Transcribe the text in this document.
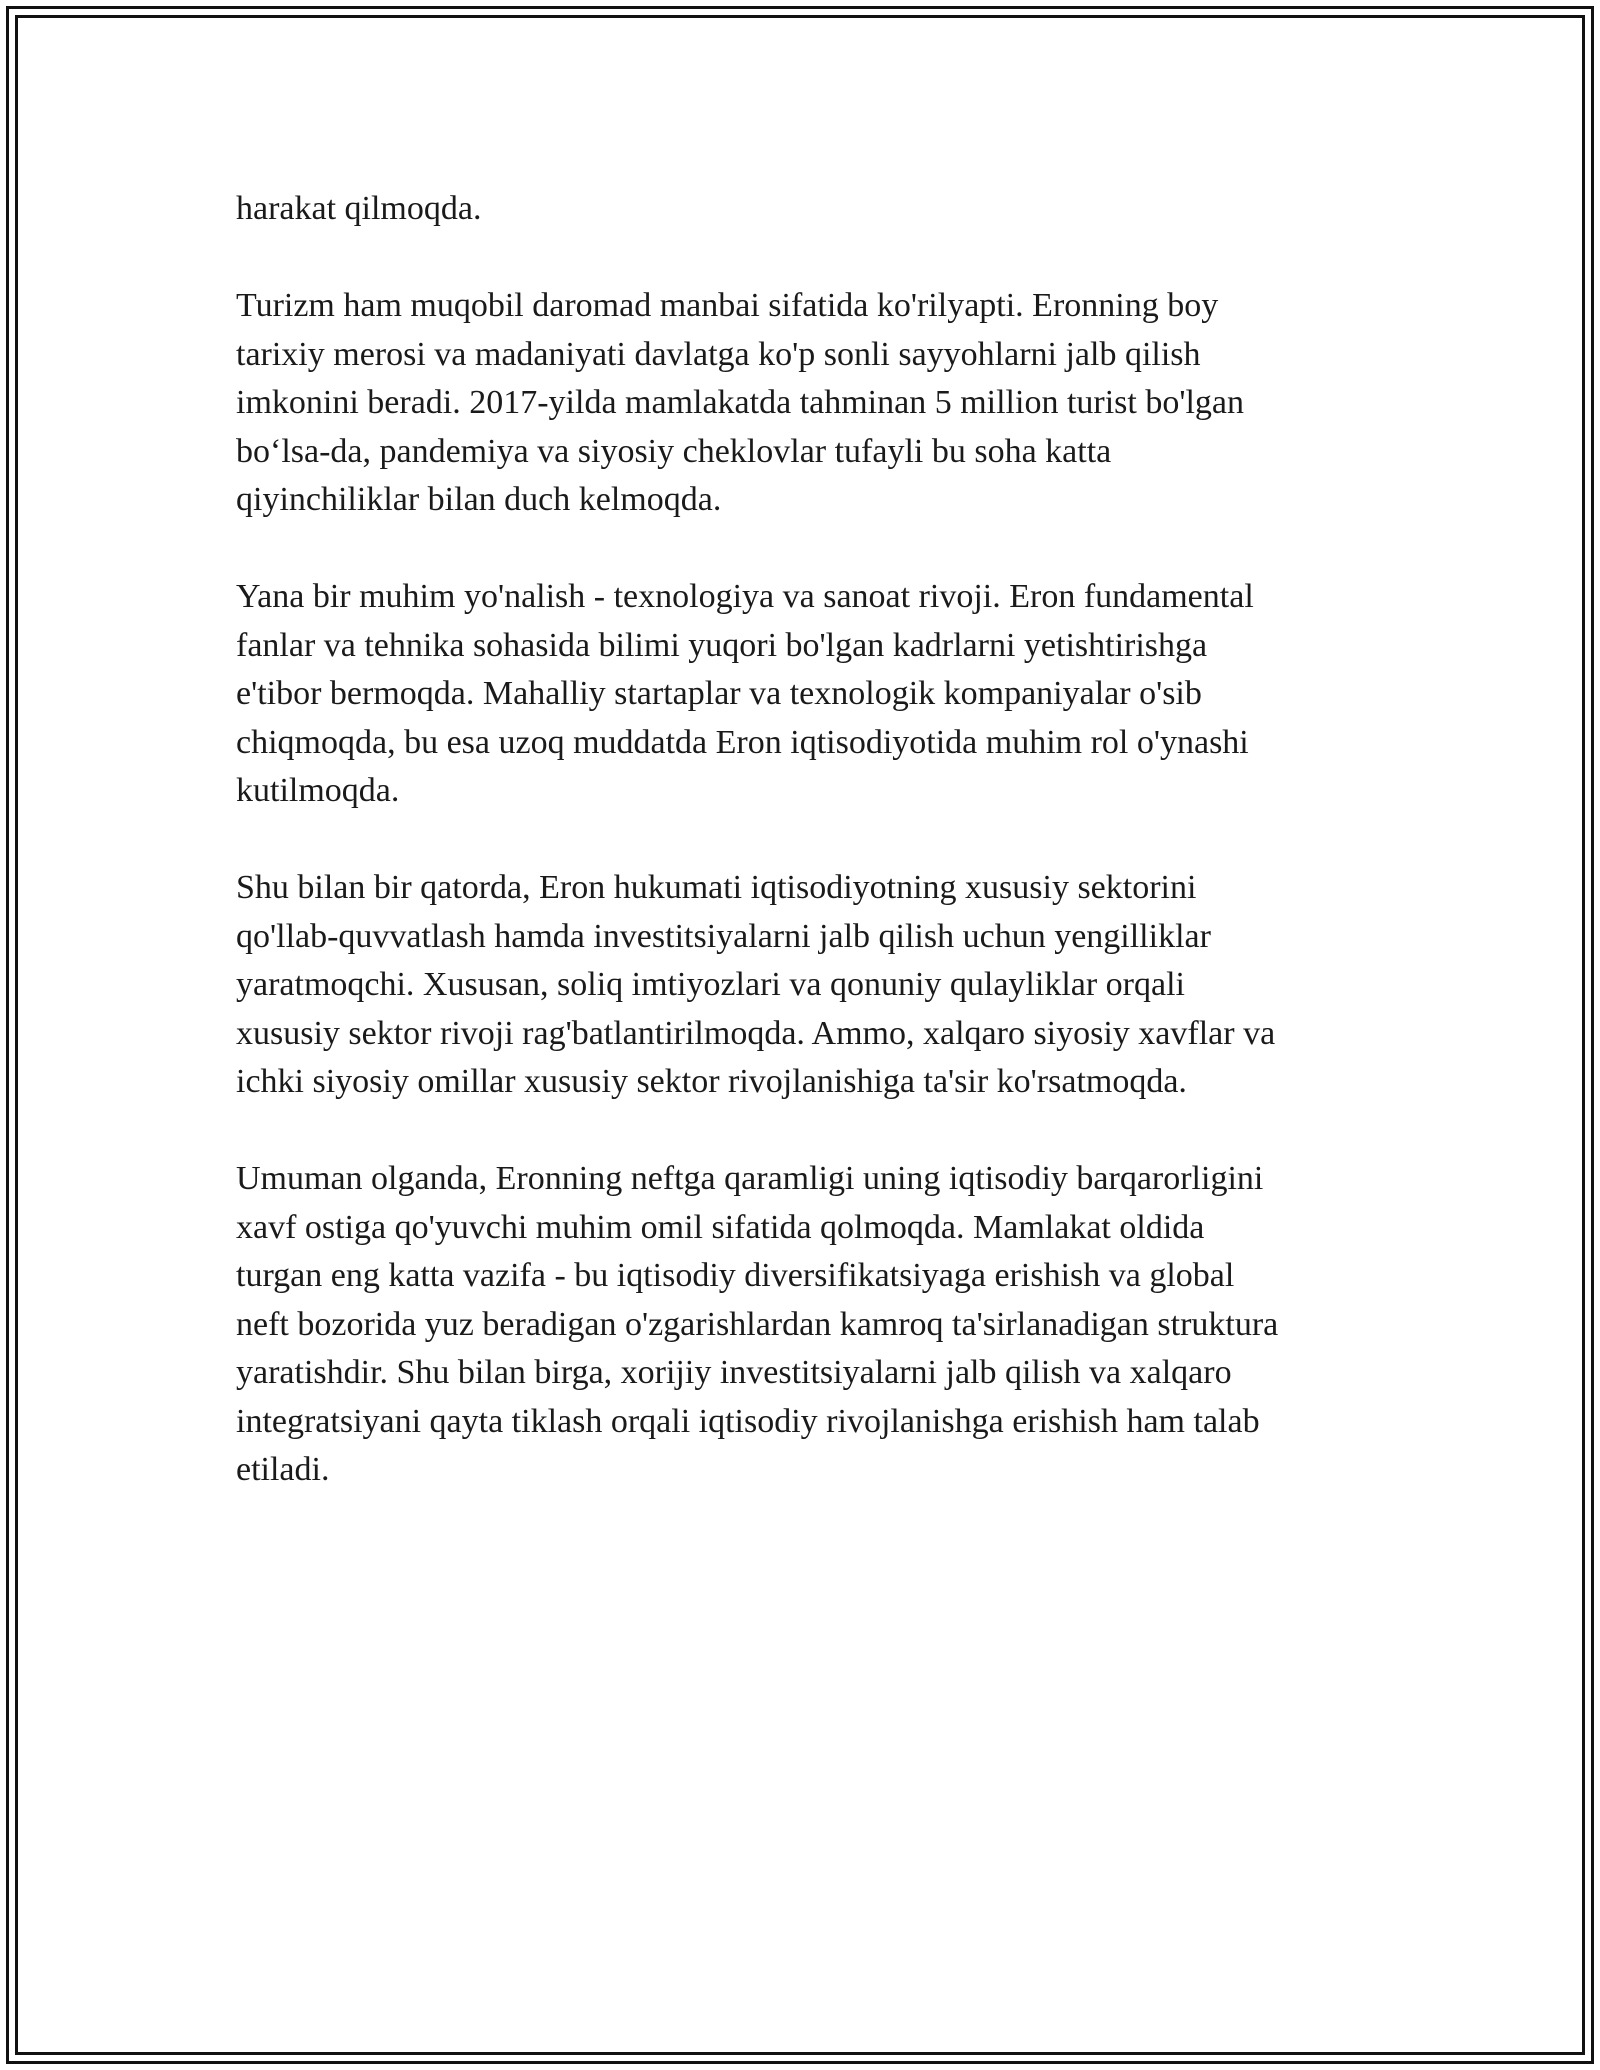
harakat qilmoqda.

Turizm ham muqobil daromad manbai sifatida ko'rilyapti. Eronning boy
tarixiy merosi va madaniyati davlatga ko'p sonli sayyohlarni jalb qilish
imkonini beradi. 2017-yilda mamlakatda tahminan 5 million turist bo'lgan
bo‘lsa-da, pandemiya va siyosiy cheklovlar tufayli bu soha katta
qiyinchiliklar bilan duch kelmoqda.

Yana bir muhim yo'nalish - texnologiya va sanoat rivoji. Eron fundamental
fanlar va tehnika sohasida bilimi yuqori bo'lgan kadrlarni yetishtirishga
e'tibor bermoqda. Mahalliy startaplar va texnologik kompaniyalar o'sib
chiqmoqda, bu esa uzoq muddatda Eron iqtisodiyotida muhim rol o'ynashi
kutilmoqda.

Shu bilan bir qatorda, Eron hukumati iqtisodiyotning xususiy sektorini
qo'llab-quvvatlash hamda investitsiyalarni jalb qilish uchun yengilliklar
yaratmoqchi. Xususan, soliq imtiyozlari va qonuniy qulayliklar orqali
xususiy sektor rivoji rag'batlantirilmoqda. Ammo, xalqaro siyosiy xavflar va
ichki siyosiy omillar xususiy sektor rivojlanishiga ta'sir ko'rsatmoqda.

Umuman olganda, Eronning neftga qaramligi uning iqtisodiy barqarorligini
xavf ostiga qo'yuvchi muhim omil sifatida qolmoqda. Mamlakat oldida
turgan eng katta vazifa - bu iqtisodiy diversifikatsiyaga erishish va global
neft bozorida yuz beradigan o'zgarishlardan kamroq ta'sirlanadigan struktura
yaratishdir. Shu bilan birga, xorijiy investitsiyalarni jalb qilish va xalqaro
integratsiyani qayta tiklash orqali iqtisodiy rivojlanishga erishish ham talab
etiladi.
